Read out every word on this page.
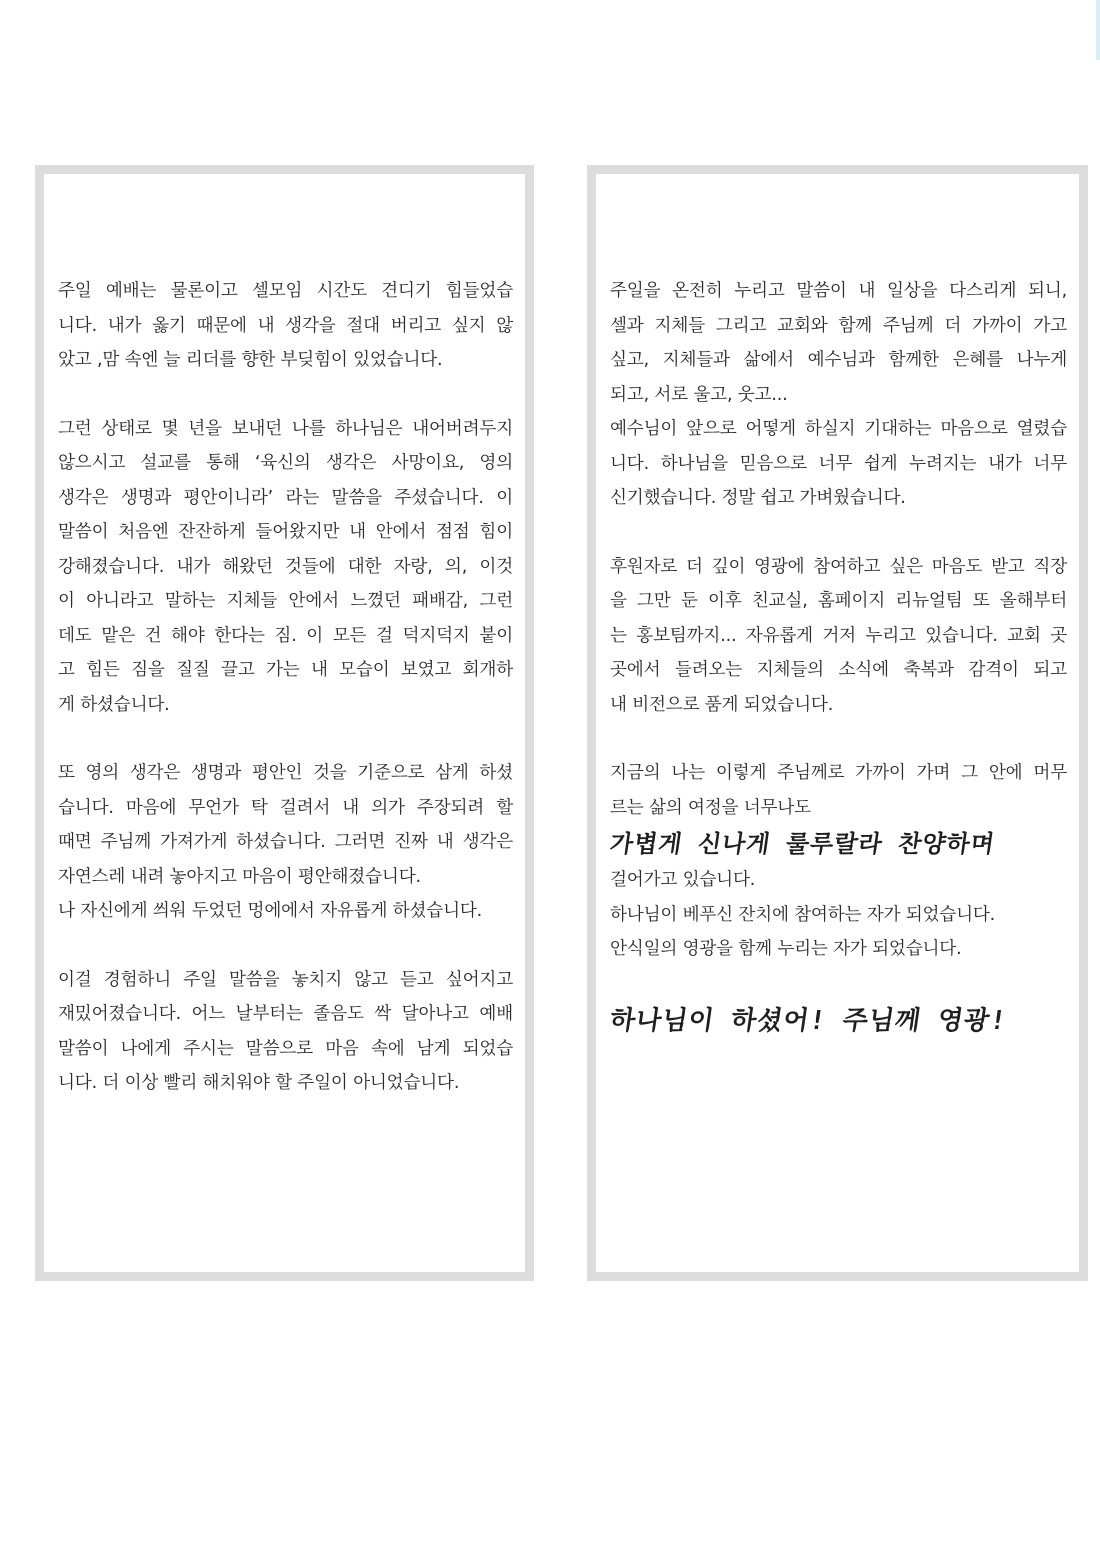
주일 예배는 물론이고 셀모임 시간도 견디기 힘들었습
니다. 내가 옳기 때문에 내 생각을 절대 버리고 싶지 않
았고 ,맘 속엔 늘 리더를 향한 부딪힘이 있었습니다.

그런 상태로 몇 년을 보내던 나를 하나님은 내어버려두지
않으시고 설교를 통해 ‘육신의 생각은 사망이요, 영의
생각은 생명과 평안이니라’ 라는 말씀을 주셨습니다. 이
말씀이 처음엔 잔잔하게 들어왔지만 내 안에서 점점 힘이
강해졌습니다. 내가 해왔던 것들에 대한 자랑, 의, 이것
이 아니라고 말하는 지체들 안에서 느꼈던 패배감, 그런
데도 맡은 건 해야 한다는 짐. 이 모든 걸 덕지덕지 붙이
고 힘든 짐을 질질 끌고 가는 내 모습이 보였고 회개하
게 하셨습니다.

또 영의 생각은 생명과 평안인 것을 기준으로 삼게 하셨
습니다. 마음에 무언가 탁 걸려서 내 의가 주장되려 할
때면 주님께 가져가게 하셨습니다. 그러면 진짜 내 생각은
자연스레 내려 놓아지고 마음이 평안해졌습니다.
나 자신에게 씌워 두었던 멍에에서 자유롭게 하셨습니다.

이걸 경험하니 주일 말씀을 놓치지 않고 듣고 싶어지고
재밌어졌습니다. 어느 날부터는 졸음도 싹 달아나고 예배
말씀이 나에게 주시는 말씀으로 마음 속에 남게 되었습
니다. 더 이상 빨리 해치워야 할 주일이 아니었습니다.

주일을 온전히 누리고 말씀이 내 일상을 다스리게 되니,
셀과 지체들 그리고 교회와 함께 주님께 더 가까이 가고
싶고, 지체들과 삶에서 예수님과 함께한 은혜를 나누게
되고, 서로 울고, 웃고...
예수님이 앞으로 어떻게 하실지 기대하는 마음으로 열렸습
니다. 하나님을 믿음으로 너무 쉽게 누려지는 내가 너무
신기했습니다. 정말 쉽고 가벼웠습니다.

후원자로 더 깊이 영광에 참여하고 싶은 마음도 받고 직장
을 그만 둔 이후 친교실, 홈페이지 리뉴얼팀 또 올해부터
는 홍보팀까지... 자유롭게 거저 누리고 있습니다. 교회 곳
곳에서 들려오는 지체들의 소식에 축복과 감격이 되고
내 비전으로 품게 되었습니다.

지금의 나는 이렇게 주님께로 가까이 가며 그 안에 머무
르는 삶의 여정을 너무나도
가볍게 신나게 룰루랄라 찬양하며
걸어가고 있습니다.
하나님이 베푸신 잔치에 참여하는 자가 되었습니다.
안식일의 영광을 함께 누리는 자가 되었습니다.

하나님이 하셨어! 주님께 영광!
